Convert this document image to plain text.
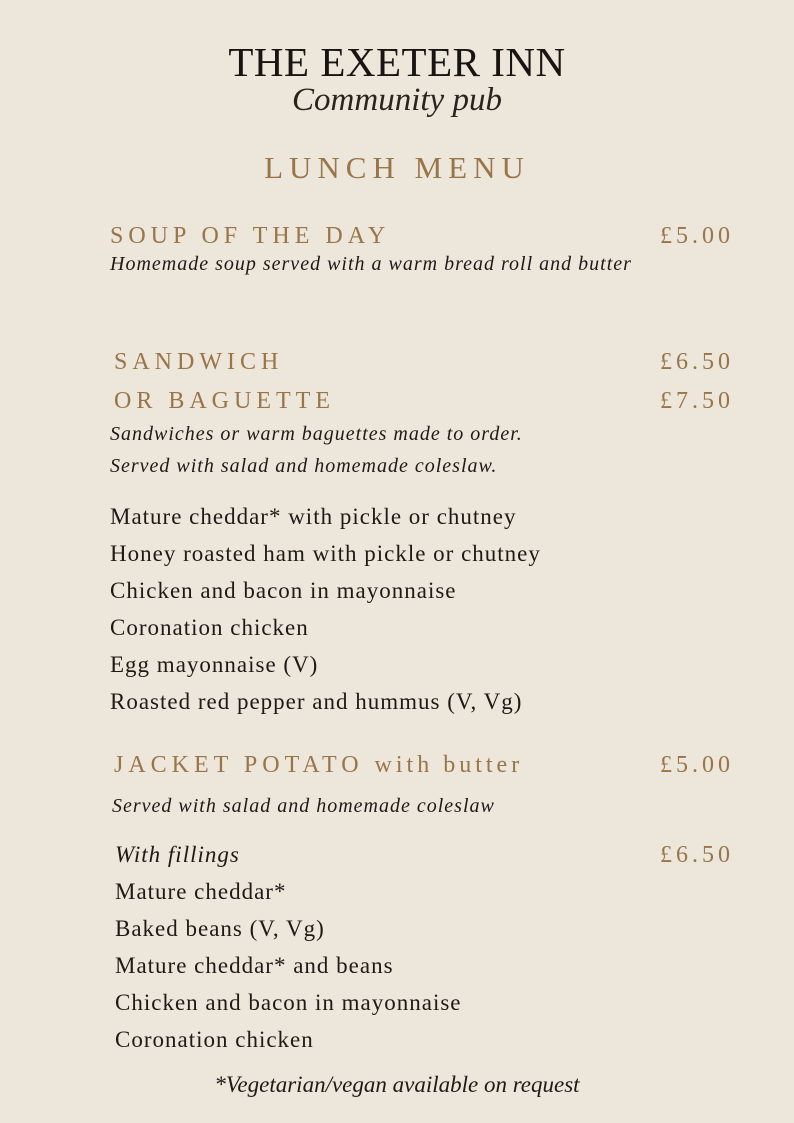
THE EXETER INN
Community pub
LUNCH MENU
SOUP OF THE DAY	£5.00
Homemade soup served with a warm bread roll and butter
SANDWICH	£6.50
OR BAGUETTE	£7.50
Sandwiches or warm baguettes made to order.
Served with salad and homemade coleslaw.
Mature cheddar* with pickle or chutney
Honey roasted ham with pickle or chutney
Chicken and bacon in mayonnaise
Coronation chicken
Egg mayonnaise (V)
Roasted red pepper and hummus (V, Vg)
JACKET POTATO with butter	£5.00
Served with salad and homemade coleslaw
With fillings	£6.50
Mature cheddar*
Baked beans (V, Vg)
Mature cheddar* and beans
Chicken and bacon in mayonnaise
Coronation chicken
*Vegetarian/vegan available on request
